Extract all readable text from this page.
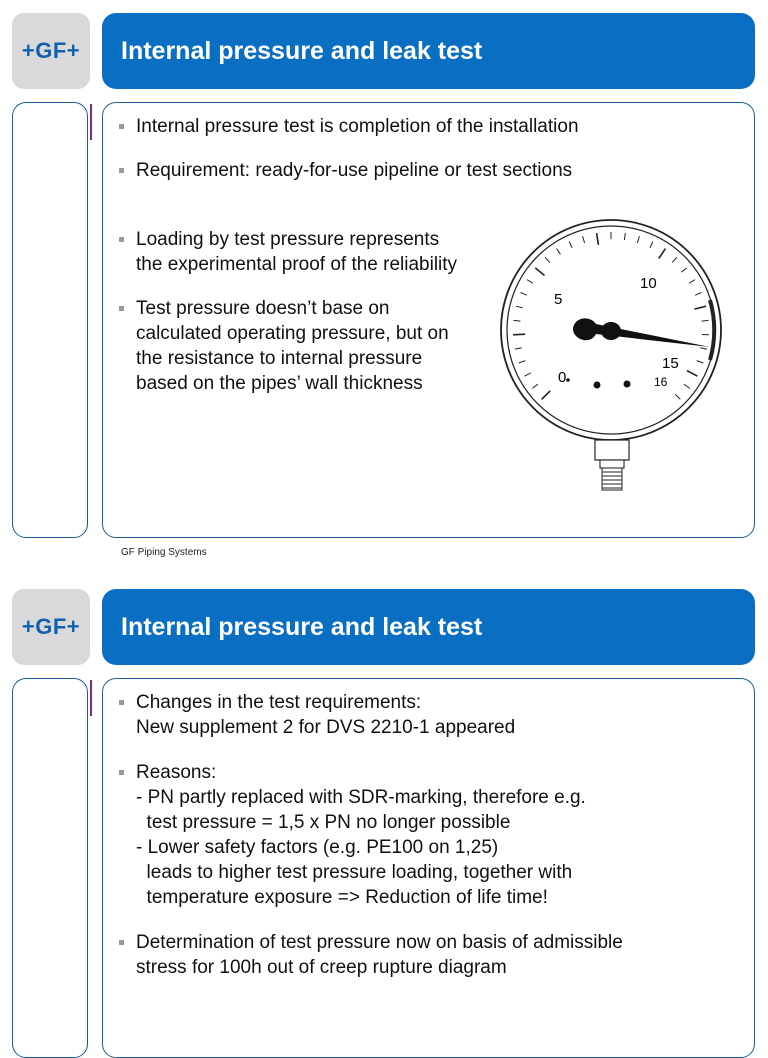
+GF+ Internal pressure and leak test
Internal pressure test is completion of the installation
Requirement: ready-for-use pipeline or test sections
Loading by test pressure represents
the experimental proof of the reliability
Test pressure doesn’t base on
calculated operating pressure, but on
the resistance to internal pressure
based on the pipes’ wall thickness
5
10
15
16
0
GF Piping Systems
+GF+ Internal pressure and leak test
Changes in the test requirements:
New supplement 2 for DVS 2210-1 appeared
Reasons:
- PN partly replaced with SDR-marking, therefore e.g.
test pressure = 1,5 x PN no longer possible
- Lower safety factors (e.g. PE100 on 1,25)
leads to higher test pressure loading, together with
temperature exposure => Reduction of life time!
Determination of test pressure now on basis of admissible
stress for 100h out of creep rupture diagram
